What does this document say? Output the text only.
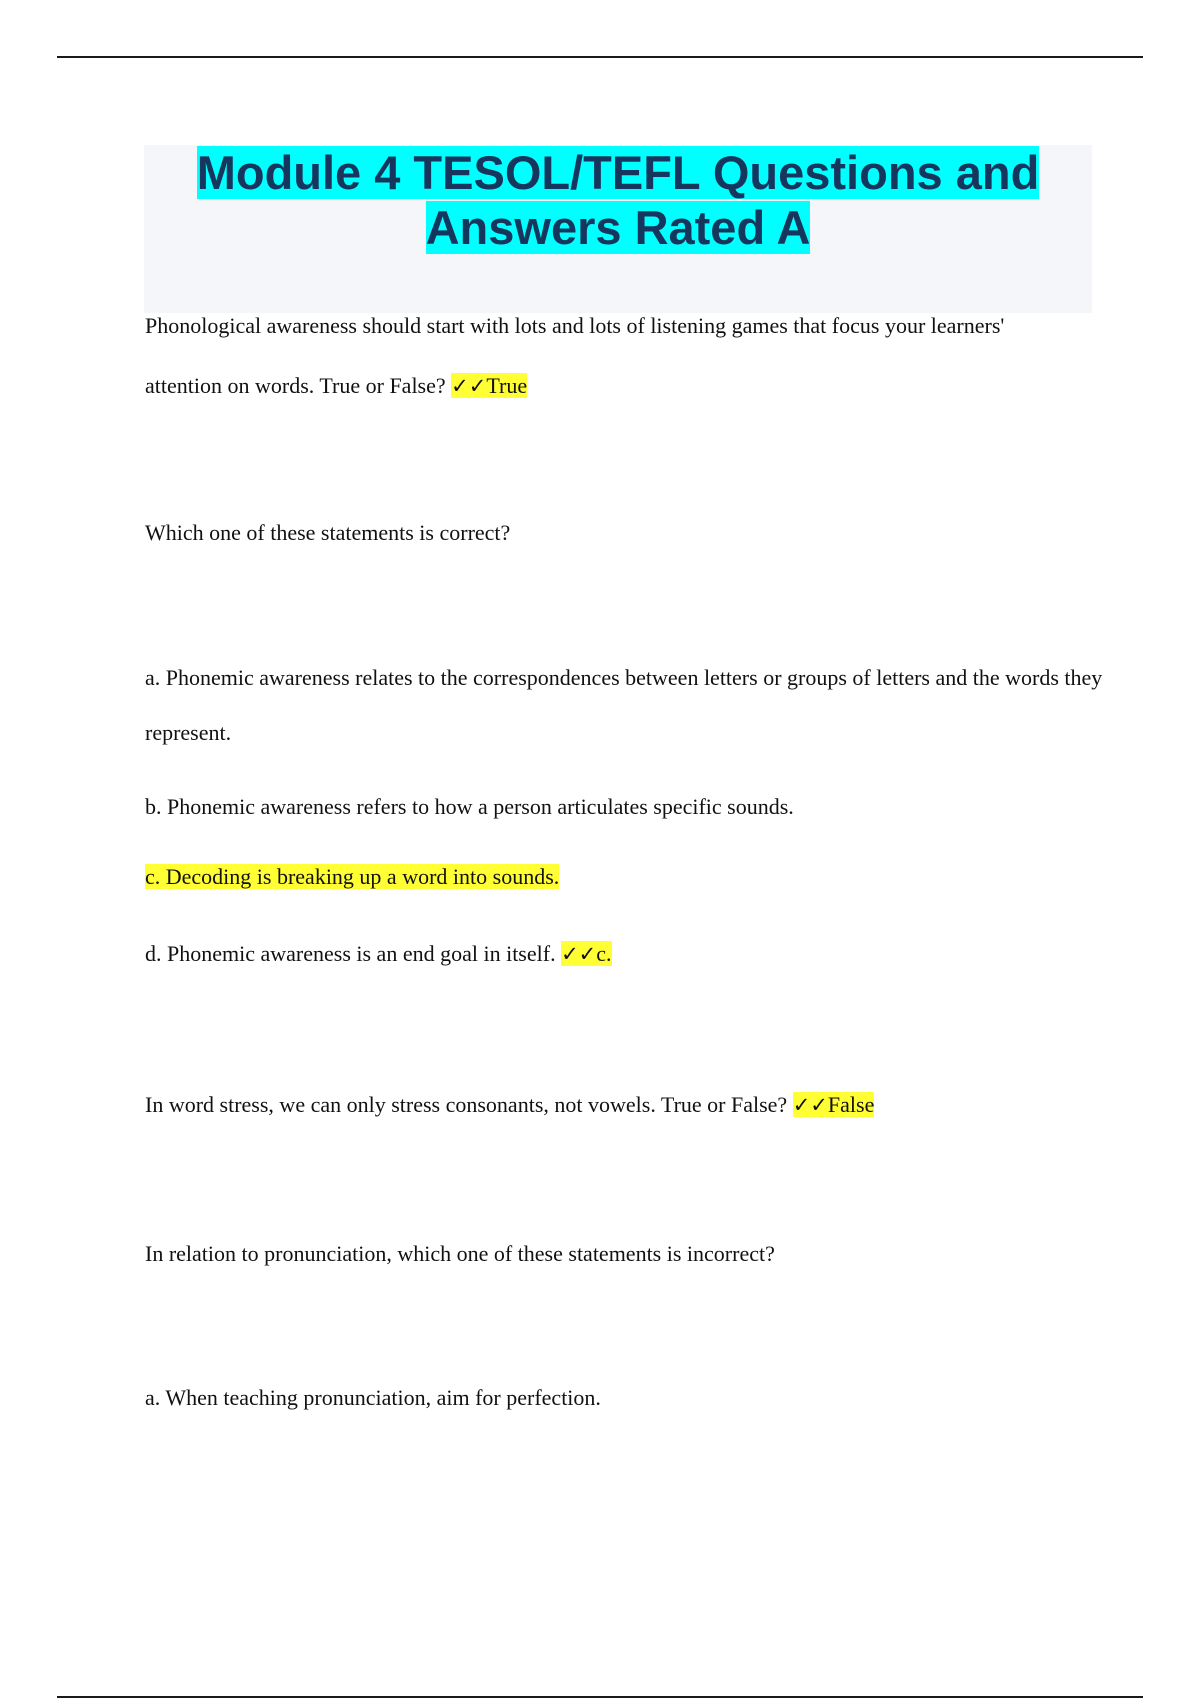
Module 4 TESOL/TEFL Questions and
Answers Rated A

Phonological awareness should start with lots and lots of listening games that focus your learners' attention on words. True or False? ✓✓True

Which one of these statements is correct?

a. Phonemic awareness relates to the correspondences between letters or groups of letters and the words they represent.

b. Phonemic awareness refers to how a person articulates specific sounds.

c. Decoding is breaking up a word into sounds.

d. Phonemic awareness is an end goal in itself. ✓✓c.

In word stress, we can only stress consonants, not vowels. True or False? ✓✓False

In relation to pronunciation, which one of these statements is incorrect?

a. When teaching pronunciation, aim for perfection.
